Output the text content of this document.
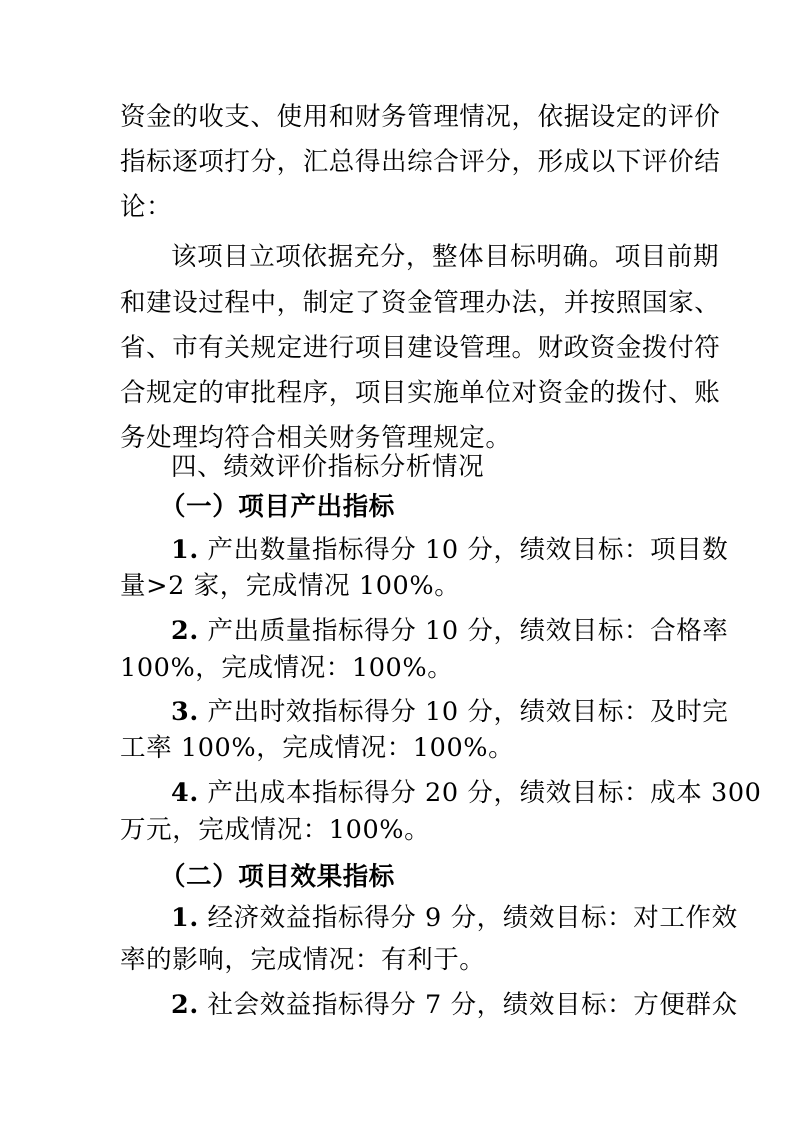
资金的收支、使用和财务管理情况，依据设定的评价
指标逐项打分，汇总得出综合评分，形成以下评价结
论：
该项目立项依据充分，整体目标明确。项目前期
和建设过程中，制定了资金管理办法，并按照国家、
省、市有关规定进行项目建设管理。财政资金拨付符
合规定的审批程序，项目实施单位对资金的拨付、账
务处理均符合相关财务管理规定。
四、绩效评价指标分析情况
（一）项目产出指标
1. 产出数量指标得分 10 分，绩效目标：项目数
量>2 家，完成情况 100%。
2. 产出质量指标得分 10 分，绩效目标：合格率
100%，完成情况：100%。
3. 产出时效指标得分 10 分，绩效目标：及时完
工率 100%，完成情况：100%。
4. 产出成本指标得分 20 分，绩效目标：成本 300
万元，完成情况：100%。
（二）项目效果指标
1. 经济效益指标得分 9 分，绩效目标：对工作效
率的影响，完成情况：有利于。
2. 社会效益指标得分 7 分，绩效目标：方便群众
